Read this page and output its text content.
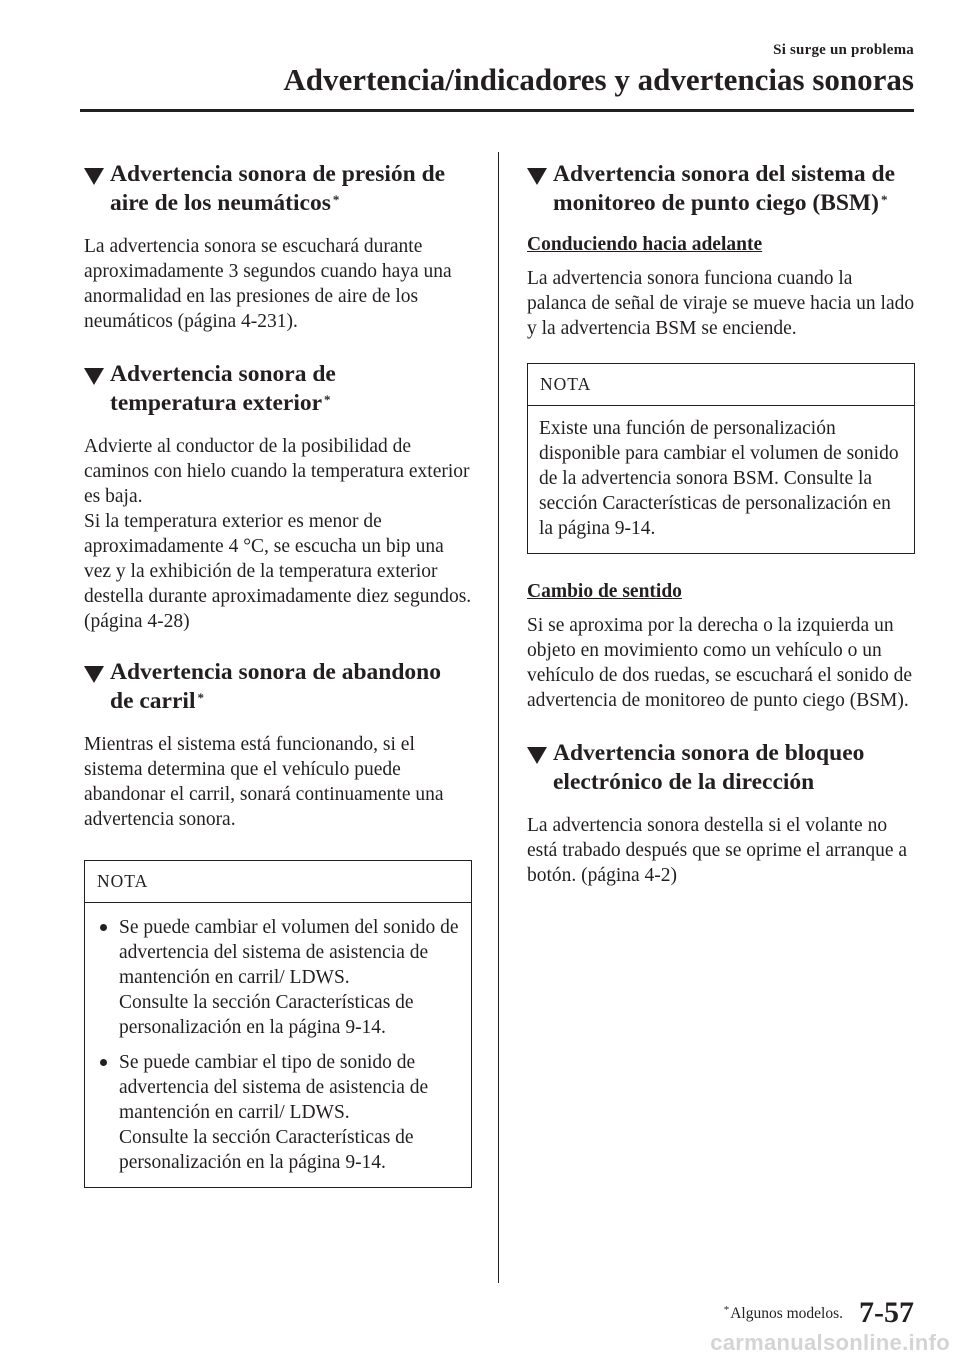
Si surge un problema
Advertencia/indicadores y advertencias sonoras
Advertencia sonora de presión de
aire de los neumáticos *

La advertencia sonora se escuchará durante aproximadamente 3 segundos cuando haya una anormalidad en las presiones de aire de los neumáticos (página 4-231).

Advertencia sonora de
temperatura exterior *

Advierte al conductor de la posibilidad de caminos con hielo cuando la temperatura exterior es baja.
Si la temperatura exterior es menor de aproximadamente 4 °C, se escucha un bip una vez y la exhibición de la temperatura exterior destella durante aproximadamente diez segundos. (página 4-28)

Advertencia sonora de abandono
de carril *

Mientras el sistema está funcionando, si el sistema determina que el vehículo puede abandonar el carril, sonará continuamente una advertencia sonora.

NOTA
Se puede cambiar el volumen del sonido de advertencia del sistema de asistencia de mantención en carril/ LDWS.
Consulte la sección Características de personalización en la página 9-14.
Se puede cambiar el tipo de sonido de advertencia del sistema de asistencia de mantención en carril/ LDWS.
Consulte la sección Características de personalización en la página 9-14.
Advertencia sonora del sistema de
monitoreo de punto ciego (BSM) *
Conduciendo hacia adelante

La advertencia sonora funciona cuando la palanca de señal de viraje se mueve hacia un lado y la advertencia BSM se enciende.

NOTA
Existe una función de personalización disponible para cambiar el volumen de sonido de la advertencia sonora BSM. Consulte la sección Características de personalización en la página 9-14.
Cambio de sentido

Si se aproxima por la derecha o la izquierda un objeto en movimiento como un vehículo o un vehículo de dos ruedas, se escuchará el sonido de advertencia de monitoreo de punto ciego (BSM).

Advertencia sonora de bloqueo
electrónico de la dirección

La advertencia sonora destella si el volante no está trabado después que se oprime el arranque a botón. (página 4-2)

*Algunos modelos. 7-57
carmanualsonline.info
